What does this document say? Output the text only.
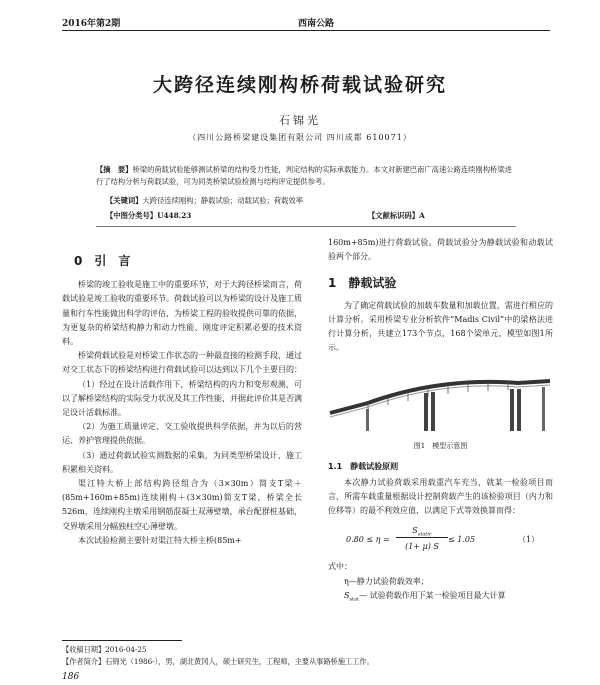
2016年第2期	西南公路
大跨径连续刚构桥荷载试验研究
石锦光
（四川公路桥梁建设集团有限公司 四川成都 610071）
【摘　要】桥梁的荷载试验能够测试桥梁的结构受力性能，判定结构的实际承载能力。本文对新建巴南广高速公路连续刚构桥梁进行了结构分析与荷载试验，可为同类桥梁试验检测与结构评定提供参考。
【关键词】大跨径连续刚构；静载试验；动载试验；荷载效率
【中图分类号】U448.23	【文献标识码】A
0　引　言

桥梁的竣工验收是施工中的重要环节，对于大跨径桥梁而言，荷载试验是竣工验收的重要环节。荷载试验可以为桥梁的设计及施工质量和行车性能做出科学的评估，为桥梁工程的验收提供可靠的依据，为更复杂的桥梁结构静力和动力性能、刚度评定积累必要的技术资料。

桥梁荷载试验是对桥梁工作状态的一种最直接的检测手段，通过对交工状态下的桥梁结构进行荷载试验可以达到以下几个主要目的：

（1）经过在设计活载作用下，桥梁结构的内力和变形观测，可以了解桥梁结构的实际受力状况及其工作性能，并据此评价其是否满足设计活载标准。

（2）为施工质量评定、交工验收提供科学依据，并为以后的营运、养护管理提供依据。

（3）通过荷载试验实测数据的采集，为同类型桥梁设计、施工积累相关资料。

渠江特大桥上部结构跨径组合为（3×30m）简支T梁＋(85m+160m+85m)连续刚构＋(3×30m)简支T梁，桥梁全长526m，连续刚构主墩采用钢筋混凝土双薄壁墩，承台配群桩基础，交界墩采用分幅独柱空心薄壁墩。

本次试验检测主要针对渠江特大桥主桥(85m+

160m+85m)进行荷载试验。荷载试验分为静载试验和动载试验两个部分。

1　静载试验

为了确定荷载试验的加载车数量和加载位置，需进行相应的计算分析。采用桥梁专业分析软件“Madis Civil”中的梁格法进行计算分析，共建立173个节点，168个梁单元，模型如图1所示。

图1　模型示意图
1.1　静载试验原则

本次静力试验荷载采用载重汽车充当，就某一检验项目而言，所需车载重量根据设计控制荷载产生的该检验项目（内力和位移等）的最不利效应值，以满足下式等效换算而得：

0.80 ≤ η =
$S_{static}$
(1+ μ) S
≤ 1.05	（1）

式中：

η—静力试验荷载效率；

$S_{stat}—$ 试验荷载作用下某一检验项目最大计算

【收稿日期】2016-04-25
【作者简介】石锦光（1986-），男，湖北黄冈人，硕士研究生，工程师，主要从事路桥施工工作。
186
